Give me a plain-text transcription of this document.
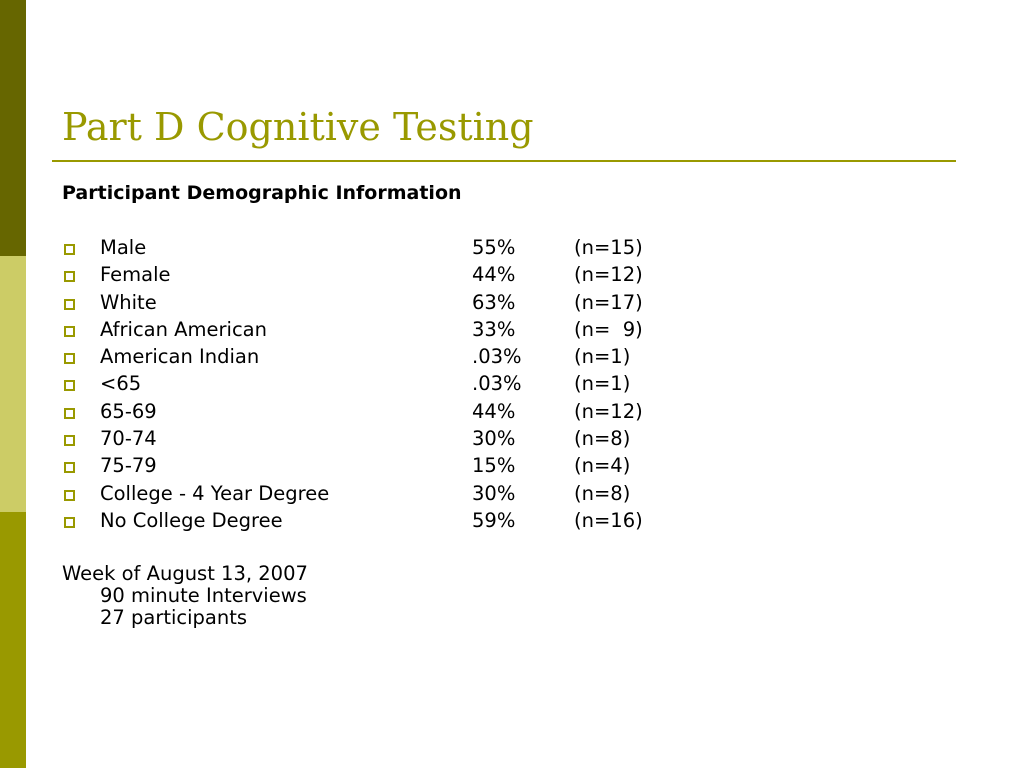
Part D Cognitive Testing
Participant Demographic Information
Male	55%	(n=15)
Female	44%	(n=12)
White	63%	(n=17)
African American	33%	(n=  9)
American Indian	.03%	(n=1)
<65	.03%	(n=1)
65-69	44%	(n=12)
70-74	30%	(n=8)
75-79	15%	(n=4)
College - 4 Year Degree	30%	(n=8)
No College Degree	59%	(n=16)
Week of August 13, 2007
90 minute Interviews
27 participants
